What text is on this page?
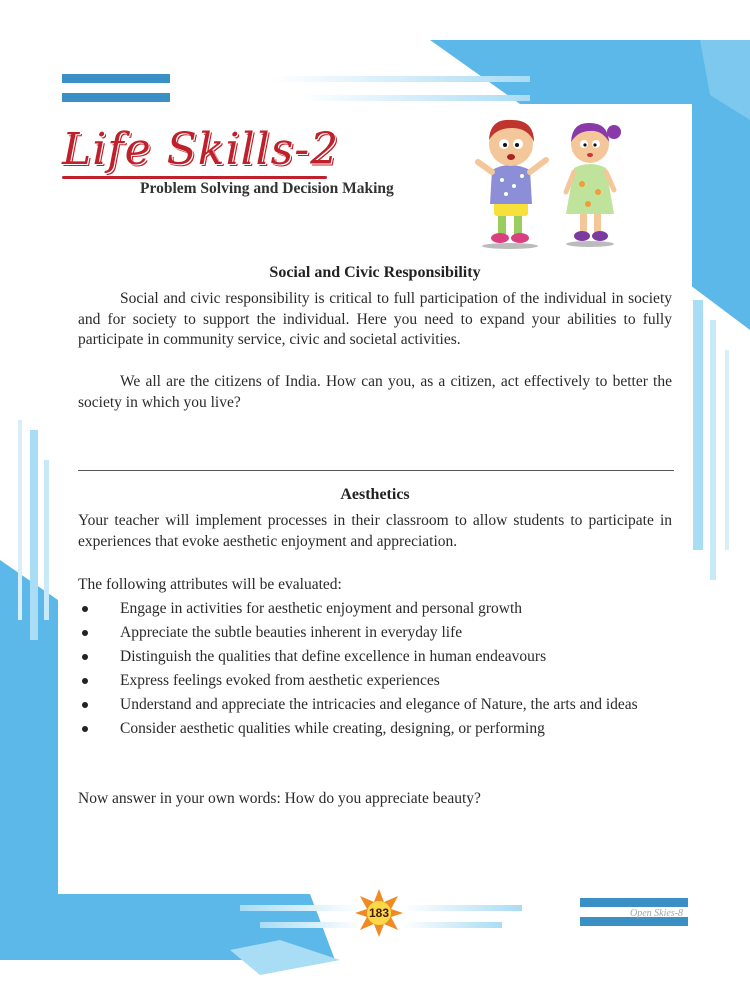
Life Skills-2
Problem Solving and Decision Making
Social and Civic Responsibility
Social and civic responsibility is critical to full participation of the individual in society and for society to support the individual. Here you need to expand your abilities to fully participate in community service, civic and societal activities.
We all are the citizens of India. How can you, as a citizen, act effectively to better the society in which you live?
Aesthetics
Your teacher will implement processes in their classroom to allow students to participate in experiences that evoke aesthetic enjoyment and appreciation.
The following attributes will be evaluated:
Engage in activities for aesthetic enjoyment and personal growth
Appreciate the subtle beauties inherent in everyday life
Distinguish the qualities that define excellence in human endeavours
Express feelings evoked from aesthetic experiences
Understand and appreciate the intricacies and elegance of Nature, the arts and ideas
Consider aesthetic qualities while creating, designing, or performing
Now answer in your own words: How do you appreciate beauty?
183	Open Skies-8
